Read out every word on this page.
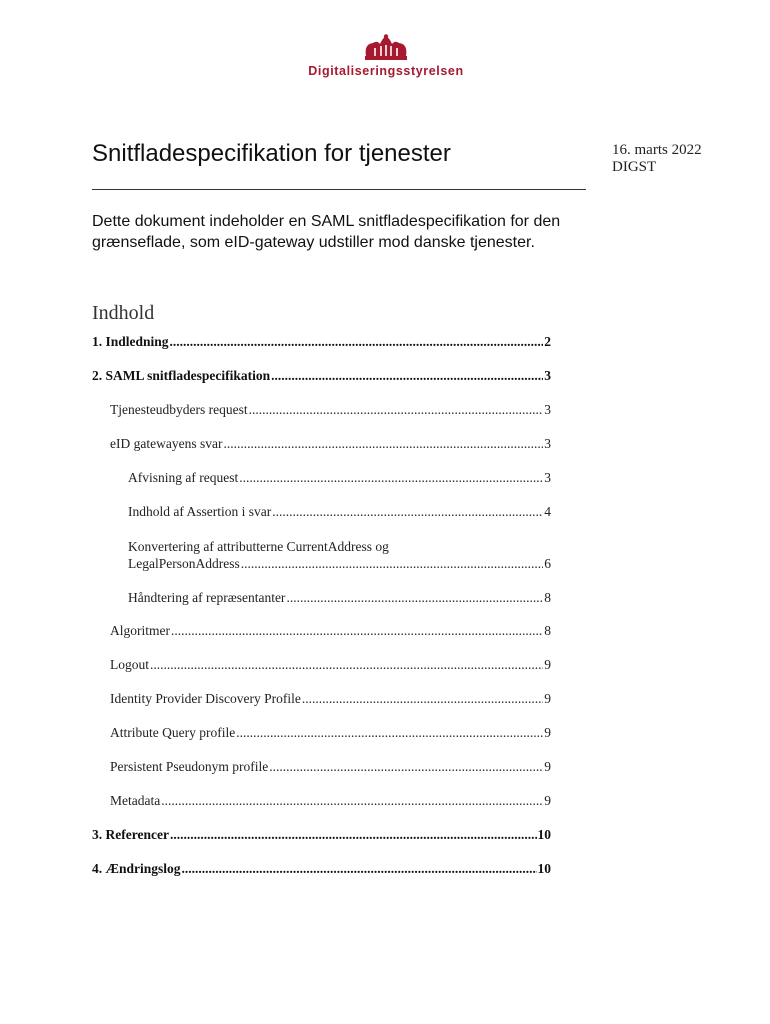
Digitaliseringsstyrelsen
Snitfladespecifikation for tjenester	16. marts 2022
DIGST
Dette dokument indeholder en SAML snitfladespecifikation for den grænseflade, som eID-gateway udstiller mod danske tjenester.
Indhold
1. Indledning .....	2
2. SAML snitfladespecifikation .....	3
Tjenesteudbyders request .....	3
eID gatewayens svar .....	3
Afvisning af request .....	3
Indhold af Assertion i svar .....	4
Konvertering af attributterne CurrentAddress og
LegalPersonAddress .....	6
Håndtering af repræsentanter .....	8
Algoritmer .....	8
Logout .....	9
Identity Provider Discovery Profile .....	9
Attribute Query profile .....	9
Persistent Pseudonym profile .....	9
Metadata .....	9
3. Referencer .....	10
4. Ændringslog .....	10
